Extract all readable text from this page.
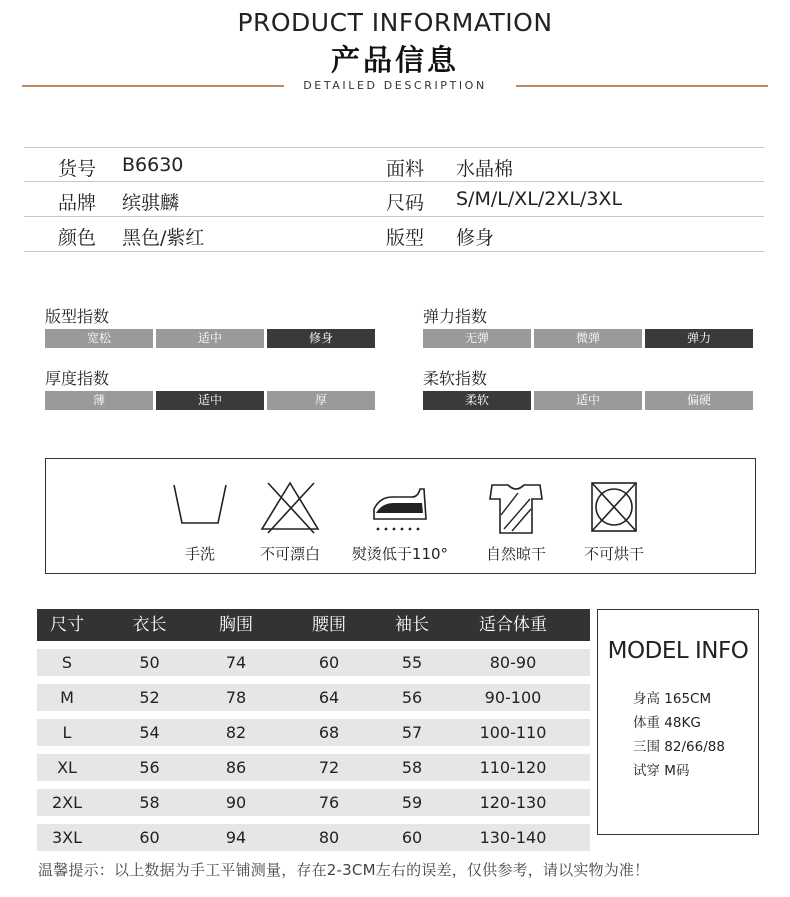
PRODUCT INFORMATION
产品信息
DETAILED DESCRIPTION
货号 B6630	面料 水晶棉
品牌 缤骐麟	尺码 S/M/L/XL/2XL/3XL
颜色 黑色/紫红	版型 修身
版型指数
宽松	适中	修身
弹力指数
无弹	微弹	弹力
厚度指数
薄	适中	厚
柔软指数
柔软	适中	偏硬
手洗	不可漂白	熨烫低于110°	自然晾干	不可烘干
尺寸	衣长	胸围	腰围	袖长	适合体重
S	50	74	60	55	80-90
M	52	78	64	56	90-100
L	54	82	68	57	100-110
XL	56	86	72	58	110-120
2XL	58	90	76	59	120-130
3XL	60	94	80	60	130-140
MODEL INFO
身高 165CM
体重 48KG
三围 82/66/88
试穿 M码
温馨提示：以上数据为手工平铺测量，存在2-3CM左右的误差，仅供参考，请以实物为准！
